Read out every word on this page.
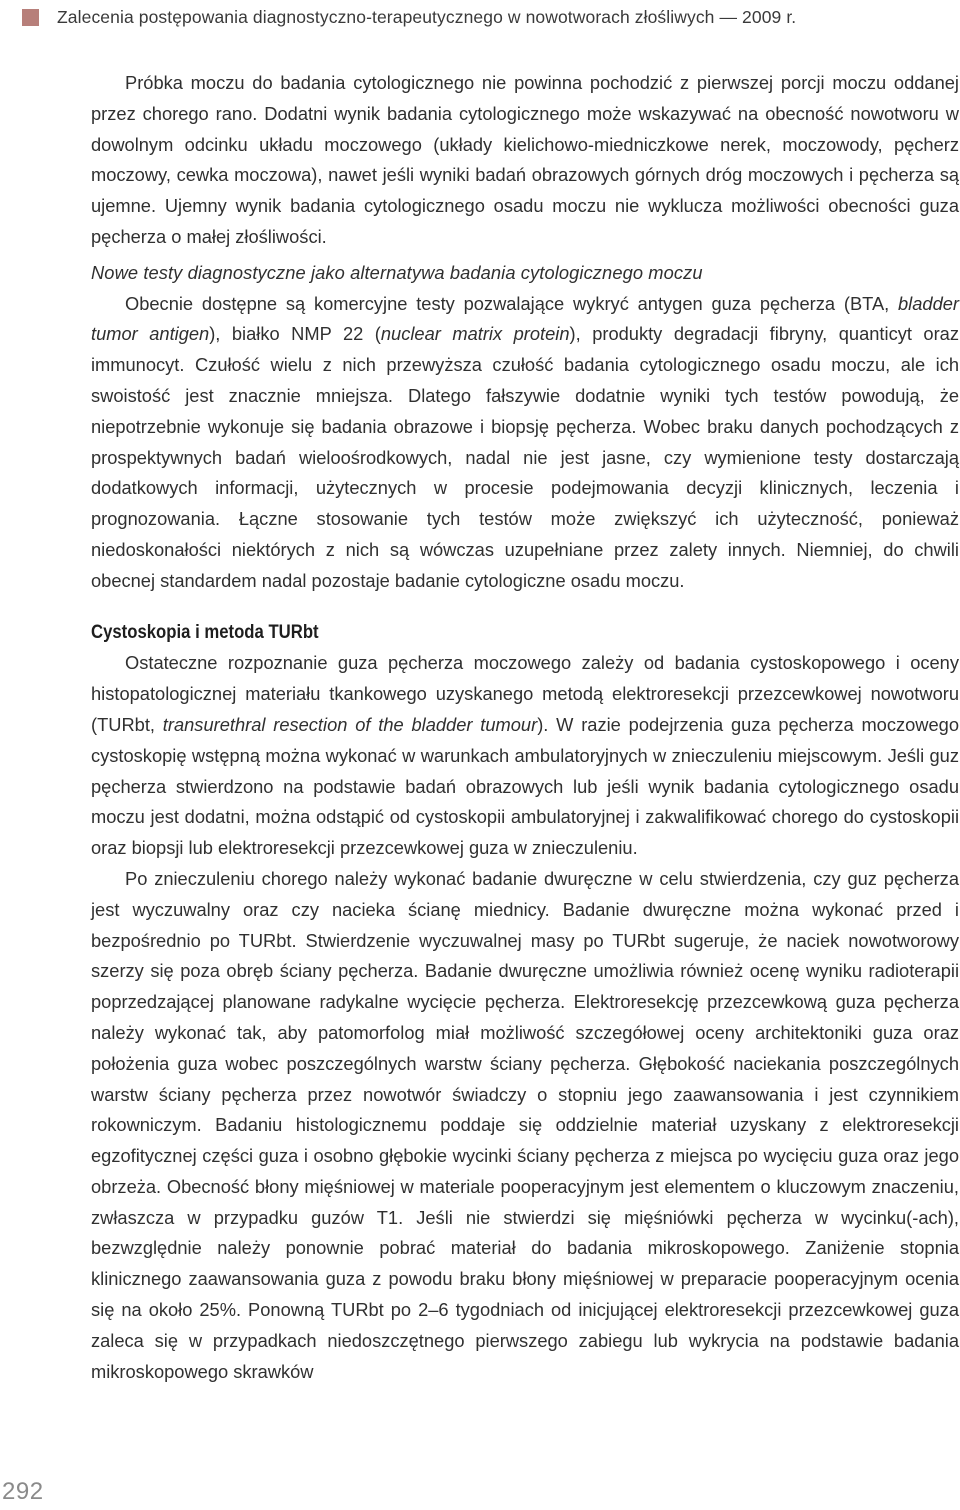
Zalecenia postępowania diagnostyczno-terapeutycznego w nowotworach złośliwych — 2009 r.

Próbka moczu do badania cytologicznego nie powinna pochodzić z pierwszej porcji moczu oddanej przez chorego rano. Dodatni wynik badania cytologicznego może wskazywać na obecność nowotworu w dowolnym odcinku układu moczowego (układy kielichowo-miedniczkowe nerek, moczowody, pęcherz moczowy, cewka moczowa), nawet jeśli wyniki badań obrazowych górnych dróg moczowych i pęcherza są ujemne. Ujemny wynik badania cytologicznego osadu moczu nie wyklucza możliwości obecności guza pęcherza o małej złośliwości.

Nowe testy diagnostyczne jako alternatywa badania cytologicznego moczu

Obecnie dostępne są komercyjne testy pozwalające wykryć antygen guza pęcherza (BTA, bladder tumor antigen), białko NMP 22 (nuclear matrix protein), produkty degradacji fibryny, quanticyt oraz immunocyt. Czułość wielu z nich przewyższa czułość badania cytologicznego osadu moczu, ale ich swoistość jest znacznie mniejsza. Dlatego fałszywie dodatnie wyniki tych testów powodują, że niepotrzebnie wykonuje się badania obrazowe i biopsję pęcherza. Wobec braku danych pochodzących z prospektywnych badań wieloośrodkowych, nadal nie jest jasne, czy wymienione testy dostarczają dodatkowych informacji, użytecznych w procesie podejmowania decyzji klinicznych, leczenia i prognozowania. Łączne stosowanie tych testów może zwiększyć ich użyteczność, ponieważ niedoskonałości niektórych z nich są wówczas uzupełniane przez zalety innych. Niemniej, do chwili obecnej standardem nadal pozostaje badanie cytologiczne osadu moczu.

Cystoskopia i metoda TURbt

Ostateczne rozpoznanie guza pęcherza moczowego zależy od badania cystoskopowego i oceny histopatologicznej materiału tkankowego uzyskanego metodą elektroresekcji przezcewkowej nowotworu (TURbt, transurethral resection of the bladder tumour). W razie podejrzenia guza pęcherza moczowego cystoskopię wstępną można wykonać w warunkach ambulatoryjnych w znieczuleniu miejscowym. Jeśli guz pęcherza stwierdzono na podstawie badań obrazowych lub jeśli wynik badania cytologicznego osadu moczu jest dodatni, można odstąpić od cystoskopii ambulatoryjnej i zakwalifikować chorego do cystoskopii oraz biopsji lub elektroresekcji przezcewkowej guza w znieczuleniu.

Po znieczuleniu chorego należy wykonać badanie dwuręczne w celu stwierdzenia, czy guz pęcherza jest wyczuwalny oraz czy nacieka ścianę miednicy. Badanie dwuręczne można wykonać przed i bezpośrednio po TURbt. Stwierdzenie wyczuwalnej masy po TURbt sugeruje, że naciek nowotworowy szerzy się poza obręb ściany pęcherza. Badanie dwuręczne umożliwia również ocenę wyniku radioterapii poprzedzającej planowane radykalne wycięcie pęcherza. Elektroresekcję przezcewkową guza pęcherza należy wykonać tak, aby patomorfolog miał możliwość szczegółowej oceny architektoniki guza oraz położenia guza wobec poszczególnych warstw ściany pęcherza. Głębokość naciekania poszczególnych warstw ściany pęcherza przez nowotwór świadczy o stopniu jego zaawansowania i jest czynnikiem rokowniczym. Badaniu histologicznemu poddaje się oddzielnie materiał uzyskany z elektroresekcji egzofitycznej części guza i osobno głębokie wycinki ściany pęcherza z miejsca po wycięciu guza oraz jego obrzeża. Obecność błony mięśniowej w materiale pooperacyjnym jest elementem o kluczowym znaczeniu, zwłaszcza w przypadku guzów T1. Jeśli nie stwierdzi się mięśniówki pęcherza w wycinku(-ach), bezwzględnie należy ponownie pobrać materiał do badania mikroskopowego. Zaniżenie stopnia klinicznego zaawansowania guza z powodu braku błony mięśniowej w preparacie pooperacyjnym ocenia się na około 25%. Ponowną TURbt po 2–6 tygodniach od inicjującej elektroresekcji przezcewkowej guza zaleca się w przypadkach niedoszczętnego pierwszego zabiegu lub wykrycia na podstawie badania mikroskopowego skrawków

292
